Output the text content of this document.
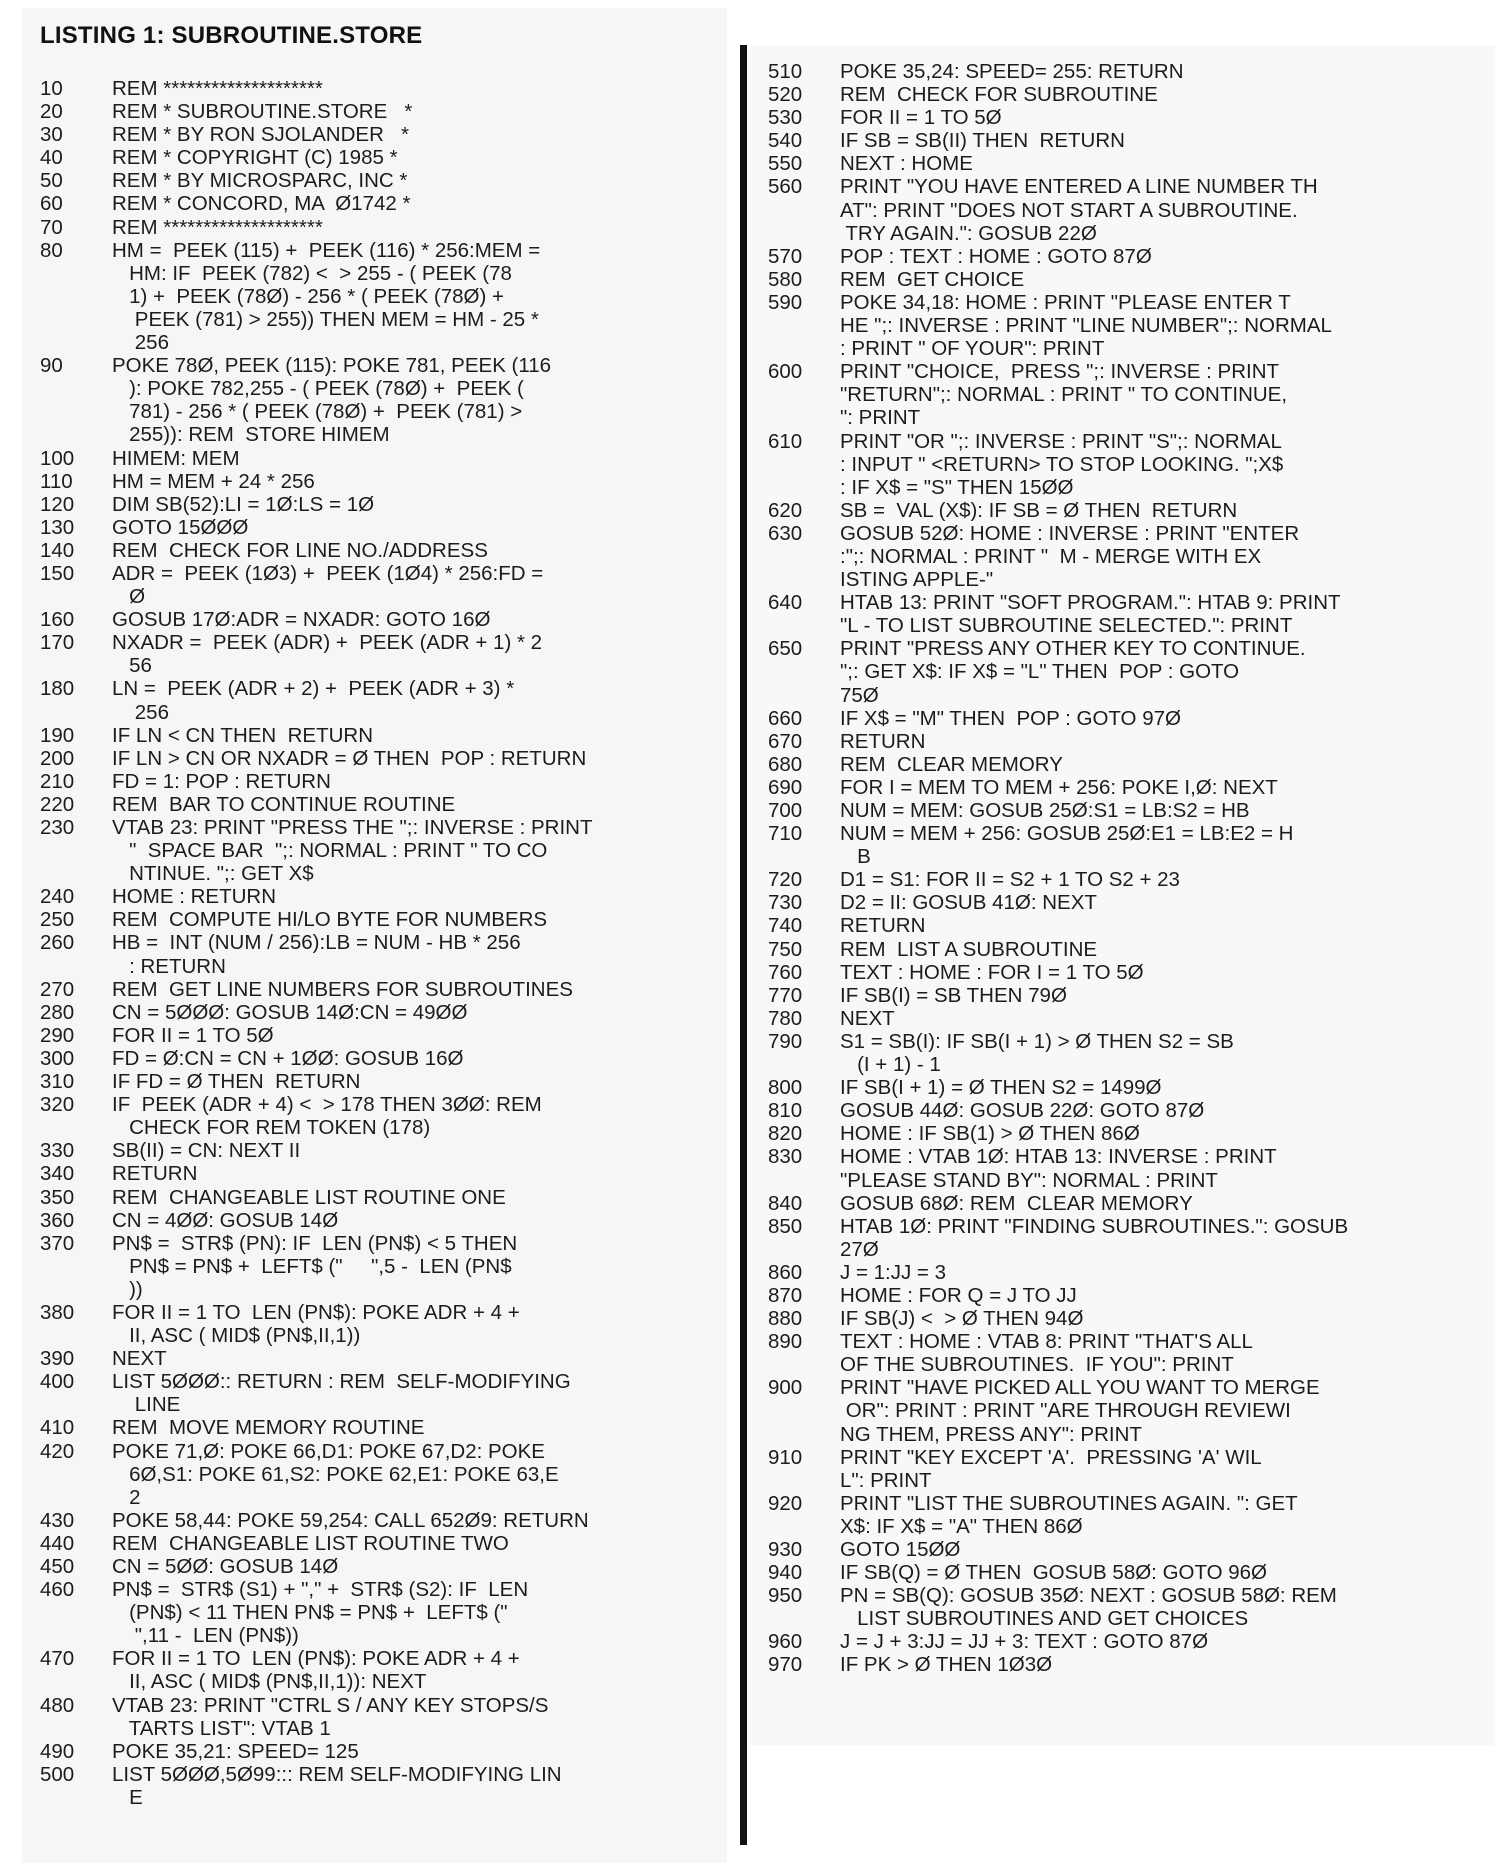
LISTING 1: SUBROUTINE.STORE
10	REM ********************
20	REM * SUBROUTINE.STORE   *
30	REM * BY RON SJOLANDER   *
40	REM * COPYRIGHT (C) 1985 *
50	REM * BY MICROSPARC, INC *
60	REM * CONCORD, MA  Ø1742 *
70	REM ********************
80	HM =  PEEK (115) +  PEEK (116) * 256:MEM =
HM: IF  PEEK (782) <  > 255 - ( PEEK (78
1) +  PEEK (78Ø) - 256 * ( PEEK (78Ø) +
PEEK (781) > 255)) THEN MEM = HM - 25 *
256
90	POKE 78Ø, PEEK (115): POKE 781, PEEK (116
): POKE 782,255 - ( PEEK (78Ø) +  PEEK (
781) - 256 * ( PEEK (78Ø) +  PEEK (781) >
255)): REM  STORE HIMEM
100	HIMEM: MEM
110	HM = MEM + 24 * 256
120	DIM SB(52):LI = 1Ø:LS = 1Ø
130	GOTO 15ØØØ
140	REM  CHECK FOR LINE NO./ADDRESS
150	ADR =  PEEK (1Ø3) +  PEEK (1Ø4) * 256:FD =
Ø
160	GOSUB 17Ø:ADR = NXADR: GOTO 16Ø
170	NXADR =  PEEK (ADR) +  PEEK (ADR + 1) * 2
56
180	LN =  PEEK (ADR + 2) +  PEEK (ADR + 3) *
256
190	IF LN < CN THEN  RETURN
200	IF LN > CN OR NXADR = Ø THEN  POP : RETURN
210	FD = 1: POP : RETURN
220	REM  BAR TO CONTINUE ROUTINE
230	VTAB 23: PRINT "PRESS THE ";: INVERSE : PRINT
"  SPACE BAR  ";: NORMAL : PRINT " TO CO
NTINUE. ";: GET X$
240	HOME : RETURN
250	REM  COMPUTE HI/LO BYTE FOR NUMBERS
260	HB =  INT (NUM / 256):LB = NUM - HB * 256
: RETURN
270	REM  GET LINE NUMBERS FOR SUBROUTINES
280	CN = 5ØØØ: GOSUB 14Ø:CN = 49ØØ
290	FOR II = 1 TO 5Ø
300	FD = Ø:CN = CN + 1ØØ: GOSUB 16Ø
310	IF FD = Ø THEN  RETURN
320	IF  PEEK (ADR + 4) <  > 178 THEN 3ØØ: REM
CHECK FOR REM TOKEN (178)
330	SB(II) = CN: NEXT II
340	RETURN
350	REM  CHANGEABLE LIST ROUTINE ONE
360	CN = 4ØØ: GOSUB 14Ø
370	PN$ =  STR$ (PN): IF  LEN (PN$) < 5 THEN
PN$ = PN$ +  LEFT$ ("     ",5 -  LEN (PN$
))
380	FOR II = 1 TO  LEN (PN$): POKE ADR + 4 +
II, ASC ( MID$ (PN$,II,1))
390	NEXT
400	LIST 5ØØØ:: RETURN : REM  SELF-MODIFYING
LINE
410	REM  MOVE MEMORY ROUTINE
420	POKE 71,Ø: POKE 66,D1: POKE 67,D2: POKE
6Ø,S1: POKE 61,S2: POKE 62,E1: POKE 63,E
2
430	POKE 58,44: POKE 59,254: CALL 652Ø9: RETURN
440	REM  CHANGEABLE LIST ROUTINE TWO
450	CN = 5ØØ: GOSUB 14Ø
460	PN$ =  STR$ (S1) + "," +  STR$ (S2): IF  LEN
(PN$) < 11 THEN PN$ = PN$ +  LEFT$ ("
",11 -  LEN (PN$))
470	FOR II = 1 TO  LEN (PN$): POKE ADR + 4 +
II, ASC ( MID$ (PN$,II,1)): NEXT
480	VTAB 23: PRINT "CTRL S / ANY KEY STOPS/S
TARTS LIST": VTAB 1
490	POKE 35,21: SPEED= 125
500	LIST 5ØØØ,5Ø99::: REM SELF-MODIFYING LIN
E
510	POKE 35,24: SPEED= 255: RETURN
520	REM  CHECK FOR SUBROUTINE
530	FOR II = 1 TO 5Ø
540	IF SB = SB(II) THEN  RETURN
550	NEXT : HOME
560	PRINT "YOU HAVE ENTERED A LINE NUMBER TH
AT": PRINT "DOES NOT START A SUBROUTINE.
TRY AGAIN.": GOSUB 22Ø
570	POP : TEXT : HOME : GOTO 87Ø
580	REM  GET CHOICE
590	POKE 34,18: HOME : PRINT "PLEASE ENTER T
HE ";: INVERSE : PRINT "LINE NUMBER";: NORMAL
: PRINT " OF YOUR": PRINT
600	PRINT "CHOICE,  PRESS ";: INVERSE : PRINT
"RETURN";: NORMAL : PRINT " TO CONTINUE,
": PRINT
610	PRINT "OR ";: INVERSE : PRINT "S";: NORMAL
: INPUT " <RETURN> TO STOP LOOKING. ";X$
: IF X$ = "S" THEN 15ØØ
620	SB =  VAL (X$): IF SB = Ø THEN  RETURN
630	GOSUB 52Ø: HOME : INVERSE : PRINT "ENTER
:";: NORMAL : PRINT "  M - MERGE WITH EX
ISTING APPLE-"
640	HTAB 13: PRINT "SOFT PROGRAM.": HTAB 9: PRINT
"L - TO LIST SUBROUTINE SELECTED.": PRINT
650	PRINT "PRESS ANY OTHER KEY TO CONTINUE.
";: GET X$: IF X$ = "L" THEN  POP : GOTO
75Ø
660	IF X$ = "M" THEN  POP : GOTO 97Ø
670	RETURN
680	REM  CLEAR MEMORY
690	FOR I = MEM TO MEM + 256: POKE I,Ø: NEXT
700	NUM = MEM: GOSUB 25Ø:S1 = LB:S2 = HB
710	NUM = MEM + 256: GOSUB 25Ø:E1 = LB:E2 = H
B
720	D1 = S1: FOR II = S2 + 1 TO S2 + 23
730	D2 = II: GOSUB 41Ø: NEXT
740	RETURN
750	REM  LIST A SUBROUTINE
760	TEXT : HOME : FOR I = 1 TO 5Ø
770	IF SB(I) = SB THEN 79Ø
780	NEXT
790	S1 = SB(I): IF SB(I + 1) > Ø THEN S2 = SB
(I + 1) - 1
800	IF SB(I + 1) = Ø THEN S2 = 1499Ø
810	GOSUB 44Ø: GOSUB 22Ø: GOTO 87Ø
820	HOME : IF SB(1) > Ø THEN 86Ø
830	HOME : VTAB 1Ø: HTAB 13: INVERSE : PRINT
"PLEASE STAND BY": NORMAL : PRINT
840	GOSUB 68Ø: REM  CLEAR MEMORY
850	HTAB 1Ø: PRINT "FINDING SUBROUTINES.": GOSUB
27Ø
860	J = 1:JJ = 3
870	HOME : FOR Q = J TO JJ
880	IF SB(J) <  > Ø THEN 94Ø
890	TEXT : HOME : VTAB 8: PRINT "THAT'S ALL
OF THE SUBROUTINES.  IF YOU": PRINT
900	PRINT "HAVE PICKED ALL YOU WANT TO MERGE
OR": PRINT : PRINT "ARE THROUGH REVIEWI
NG THEM, PRESS ANY": PRINT
910	PRINT "KEY EXCEPT 'A'.  PRESSING 'A' WIL
L": PRINT
920	PRINT "LIST THE SUBROUTINES AGAIN. ": GET
X$: IF X$ = "A" THEN 86Ø
930	GOTO 15ØØ
940	IF SB(Q) = Ø THEN  GOSUB 58Ø: GOTO 96Ø
950	PN = SB(Q): GOSUB 35Ø: NEXT : GOSUB 58Ø: REM
LIST SUBROUTINES AND GET CHOICES
960	J = J + 3:JJ = JJ + 3: TEXT : GOTO 87Ø
970	IF PK > Ø THEN 1Ø3Ø
